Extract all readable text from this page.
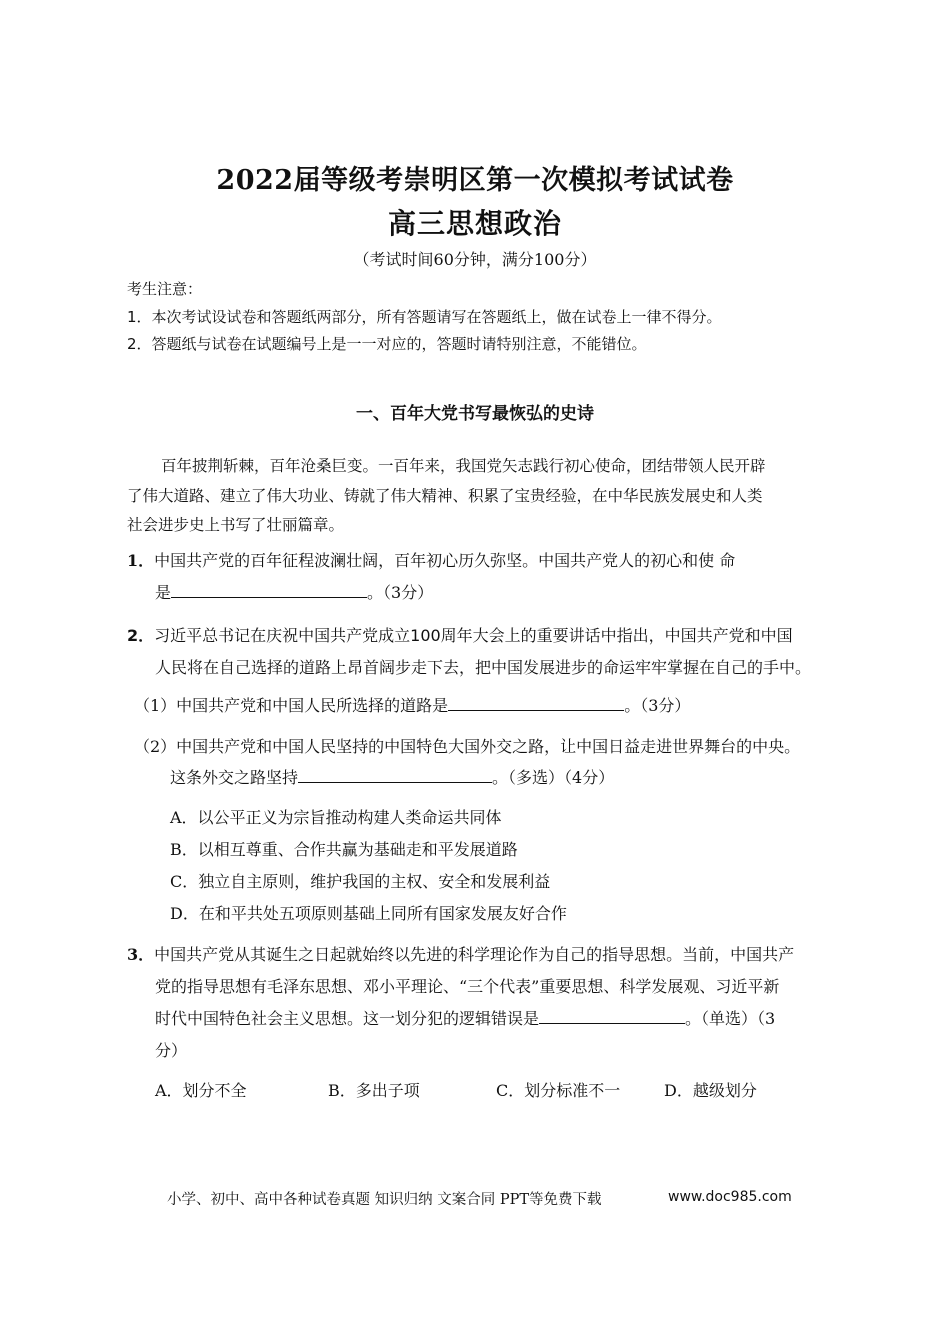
2022届等级考崇明区第一次模拟考试试卷
高三思想政治
（考试时间60分钟，满分100分）
考生注意：
1．本次考试设试卷和答题纸两部分，所有答题请写在答题纸上，做在试卷上一律不得分。
2．答题纸与试卷在试题编号上是一一对应的，答题时请特别注意，不能错位。
一、百年大党书写最恢弘的史诗
百年披荆斩棘，百年沧桑巨变。一百年来，我国党矢志践行初心使命，团结带领人民开辟
了伟大道路、建立了伟大功业、铸就了伟大精神、积累了宝贵经验，在中华民族发展史和人类
社会进步史上书写了壮丽篇章。
1．中国共产党的百年征程波澜壮阔，百年初心历久弥坚。中国共产党人的初心和使 命
是	。（3分）
2．习近平总书记在庆祝中国共产党成立100周年大会上的重要讲话中指出，中国共产党和中国
人民将在自己选择的道路上昂首阔步走下去，把中国发展进步的命运牢牢掌握在自己的手中。
（1）中国共产党和中国人民所选择的道路是	。（3分）
（2）中国共产党和中国人民坚持的中国特色大国外交之路，让中国日益走进世界舞台的中央。
这条外交之路坚持	。（多选）（4分）
A．以公平正义为宗旨推动构建人类命运共同体
B．以相互尊重、合作共赢为基础走和平发展道路
C．独立自主原则，维护我国的主权、安全和发展利益
D．在和平共处五项原则基础上同所有国家发展友好合作
3．中国共产党从其诞生之日起就始终以先进的科学理论作为自己的指导思想。当前，中国共产
党的指导思想有毛泽东思想、邓小平理论、“三个代表”重要思想、科学发展观、习近平新
时代中国特色社会主义思想。这一划分犯的逻辑错误是	。（单选）（3
分）
A．划分不全	B．多出子项	C．划分标准不一	D．越级划分
小学、初中、高中各种试卷真题 知识归纳 文案合同 PPT等免费下载	www.doc985.com
